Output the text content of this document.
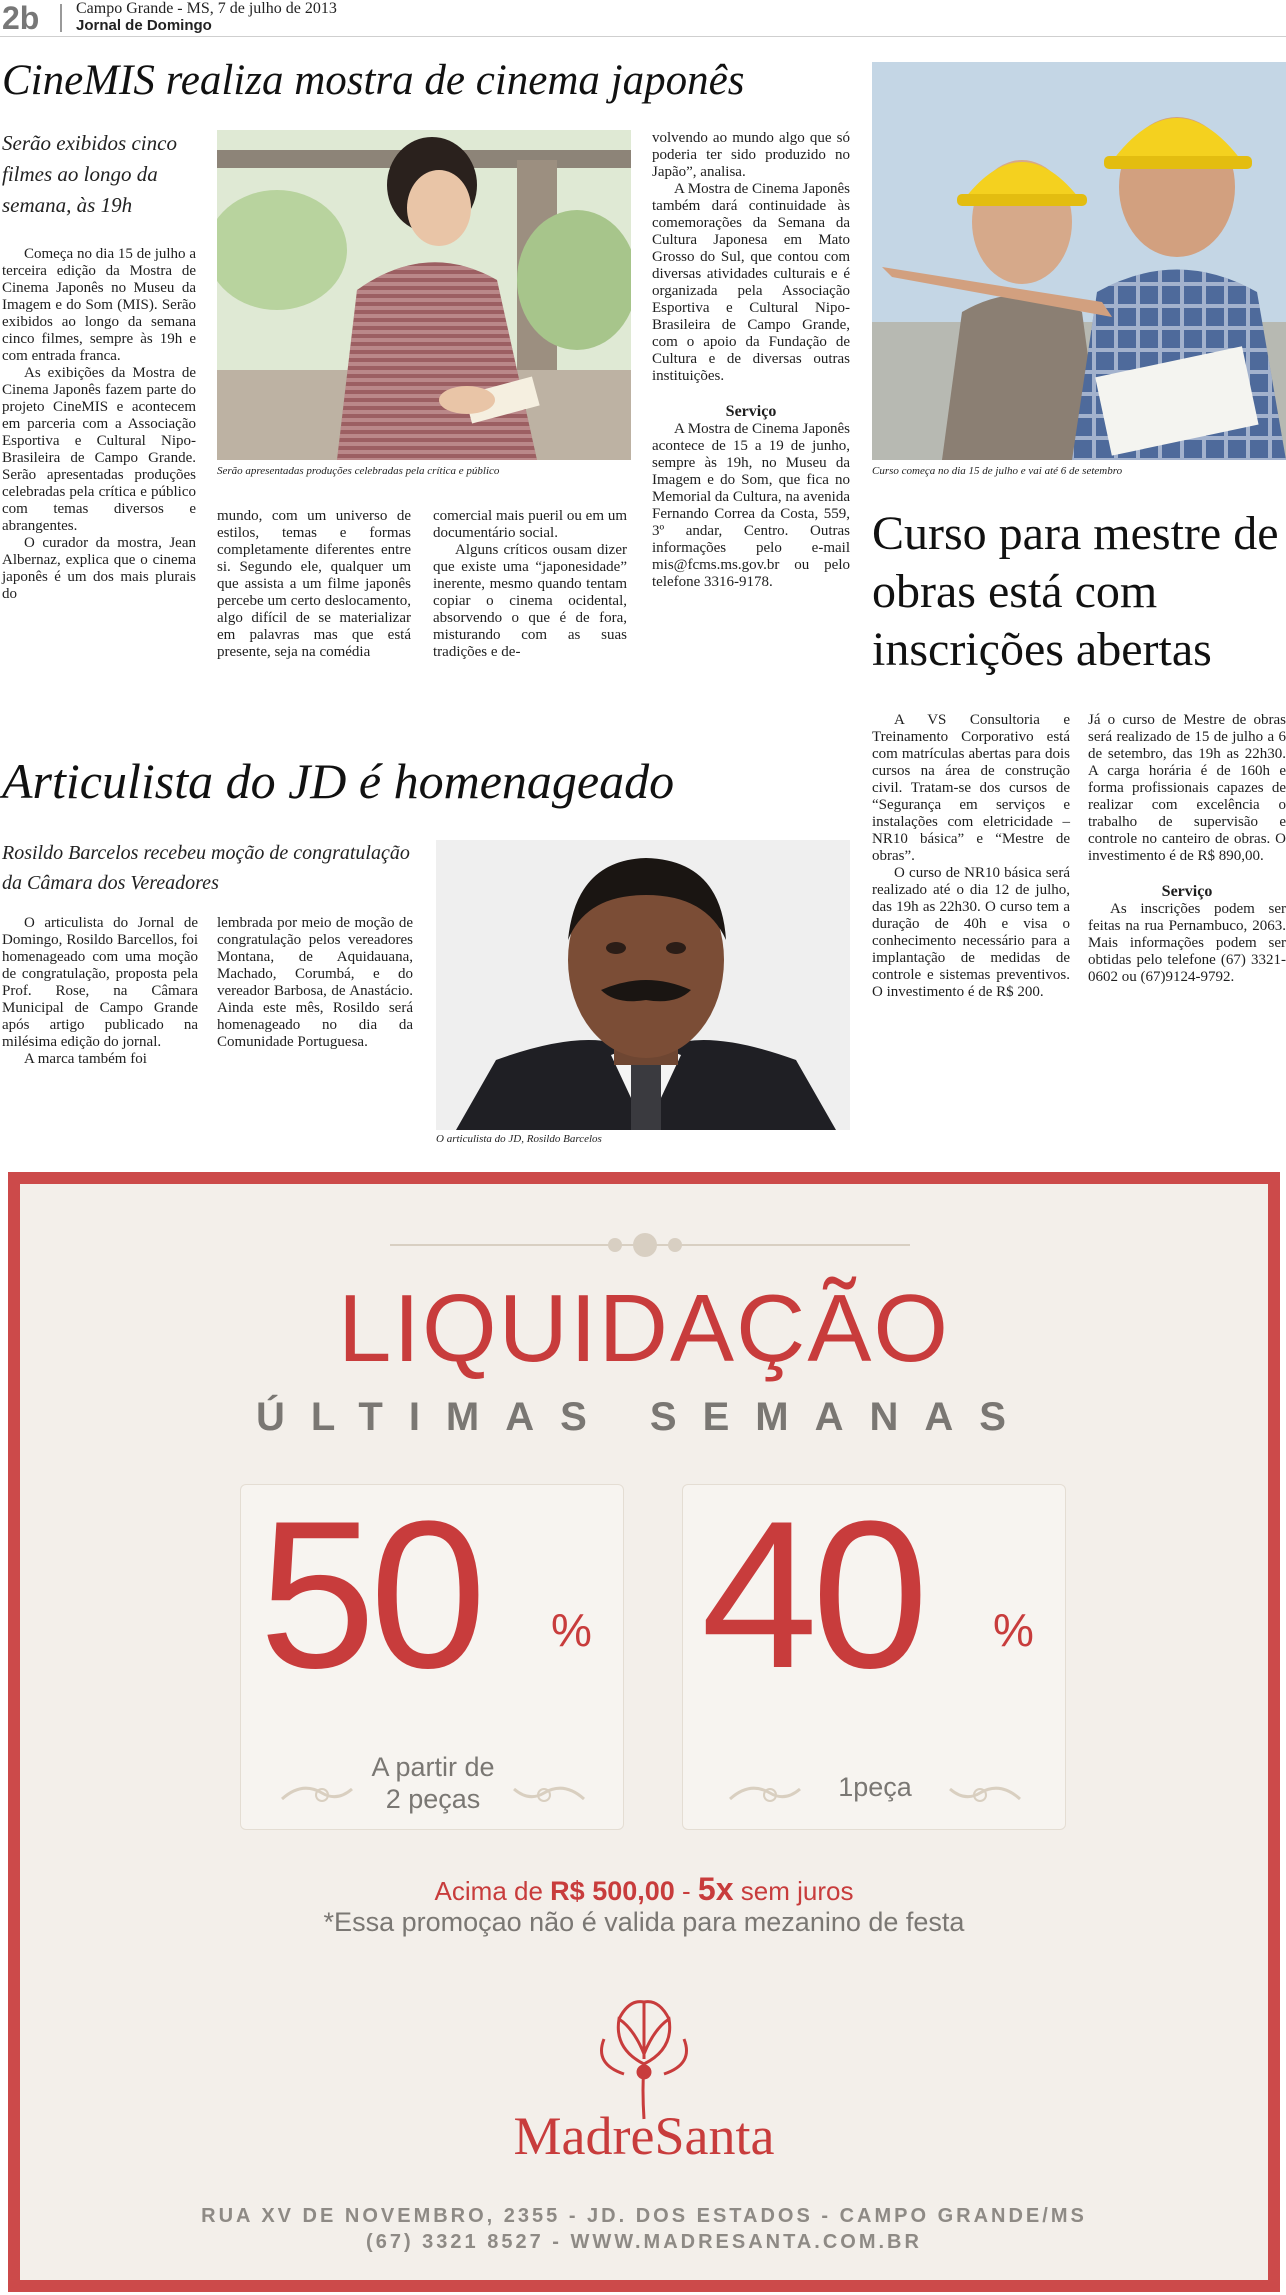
2b Campo Grande - MS, 7 de julho de 2013
Jornal de Domingo
CineMIS realiza mostra de cinema japonês
Serão exibidos cinco filmes ao longo da semana, às 19h
Serão apresentadas produções celebradas pela crítica e público

Começa no dia 15 de julho a terceira edição da Mostra de Cinema Japonês no Museu da Imagem e do Som (MIS). Serão exibidos ao longo da semana cinco filmes, sempre às 19h e com entrada franca.

As exibições da Mostra de Cinema Japonês fazem parte do projeto CineMIS e acontecem em parceria com a Associação Esportiva e Cultural Nipo-Brasileira de Campo Grande. Serão apresentadas produções celebradas pela crítica e público com temas diversos e abrangentes.

O curador da mostra, Jean Albernaz, explica que o cinema japonês é um dos mais plurais do

mundo, com um universo de estilos, temas e formas completamente diferentes entre si. Segundo ele, qualquer um que assista a um filme japonês percebe um certo deslocamento, algo difícil de se materializar em palavras mas que está presente, seja na comédia

comercial mais pueril ou em um documentário social.

Alguns críticos ousam dizer que existe uma “japonesidade” inerente, mesmo quando tentam copiar o cinema ocidental, absorvendo o que é de fora, misturando com as suas tradições e de-

volvendo ao mundo algo que só poderia ter sido produzido no Japão”, analisa.

A Mostra de Cinema Japonês também dará continuidade às comemorações da Semana da Cultura Japonesa em Mato Grosso do Sul, que contou com diversas atividades culturais e é organizada pela Associação Esportiva e Cultural Nipo-Brasileira de Campo Grande, com o apoio da Fundação de Cultura e de diversas outras instituições.

Serviço

A Mostra de Cinema Japonês acontece de 15 a 19 de junho, sempre às 19h, no Museu da Imagem e do Som, que fica no Memorial da Cultura, na avenida Fernando Correa da Costa, 559, 3º andar, Centro. Outras informações pelo e-mail mis@fcms.ms.gov.br ou pelo telefone 3316-9178.

Curso começa no dia 15 de julho e vai até 6 de setembro
Curso para mestre de obras está com inscrições abertas

A VS Consultoria e Treinamento Corporativo está com matrículas abertas para dois cursos na área de construção civil. Tratam-se dos cursos de “Segurança em serviços e instalações com eletricidade – NR10 básica” e “Mestre de obras”.

O curso de NR10 básica será realizado até o dia 12 de julho, das 19h as 22h30. O curso tem a duração de 40h e visa o conhecimento necessário para a implantação de medidas de controle e sistemas preventivos. O investimento é de R$ 200.

Já o curso de Mestre de obras será realizado de 15 de julho a 6 de setembro, das 19h as 22h30. A carga horária é de 160h e forma profissionais capazes de realizar com excelência o trabalho de supervisão e controle no canteiro de obras. O investimento é de R$ 890,00.

Serviço

As inscrições podem ser feitas na rua Pernambuco, 2063. Mais informações podem ser obtidas pelo telefone (67) 3321-0602 ou (67)9124-9792.

Articulista do JD é homenageado
Rosildo Barcelos recebeu moção de congratulação da Câmara dos Vereadores

O articulista do Jornal de Domingo, Rosildo Barcellos, foi homenageado com uma moção de congratulação, proposta pela Prof. Rose, na Câmara Municipal de Campo Grande após artigo publicado na milésima edição do jornal.

A marca também foi

lembrada por meio de moção de congratulação pelos vereadores Montana, de Aquidauana, Machado, Corumbá, e do vereador Barbosa, de Anastácio. Ainda este mês, Rosildo será homenageado no dia da Comunidade Portuguesa.

O articulista do JD, Rosildo Barcelos
LIQUIDAÇÃO
ÚLTIMAS SEMANAS
50 %
A partir de
2 peças
40 %
1peça
Acima de R$ 500,00 - 5x sem juros
*Essa promoçao não é valida para mezanino de festa
MadreSanta
RUA XV DE NOVEMBRO, 2355 - JD. DOS ESTADOS - CAMPO GRANDE/MS
(67) 3321 8527 - WWW.MADRESANTA.COM.BR
